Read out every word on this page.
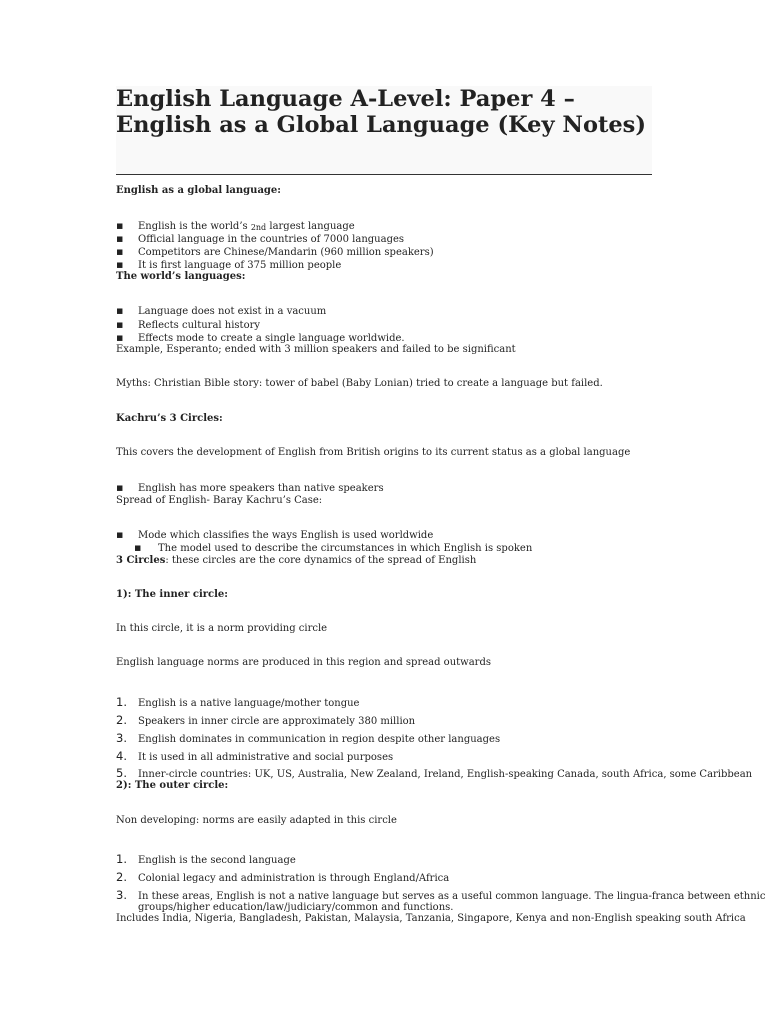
English Language A-Level: Paper 4 – English as a Global Language (Key Notes)
English as a global language:
▪English is the world’s $^{2nd}$ largest language
▪Official language in the countries of 7000 languages
▪Competitors are Chinese/Mandarin (960 million speakers)
▪It is first language of 375 million people
The world’s languages:
▪Language does not exist in a vacuum
▪Reflects cultural history
▪Effects mode to create a single language worldwide.
Example, Esperanto; ended with 3 million speakers and failed to be significant
Myths: Christian Bible story: tower of babel (Baby Lonian) tried to create a language but failed.
Kachru’s 3 Circles:
This covers the development of English from British origins to its current status as a global language
▪English has more speakers than native speakers
Spread of English- Baray Kachru’s Case:
▪Mode which classifies the ways English is used worldwide
▪The model used to describe the circumstances in which English is spoken
3 Circles: these circles are the core dynamics of the spread of English
1): The inner circle:
In this circle, it is a norm providing circle
English language norms are produced in this region and spread outwards
1. English is a native language/mother tongue
2. Speakers in inner circle are approximately 380 million
3. English dominates in communication in region despite other languages
4. It is used in all administrative and social purposes
5. Inner-circle countries: UK, US, Australia, New Zealand, Ireland, English-speaking Canada, south Africa, some Caribbean
2): The outer circle:
Non developing: norms are easily adapted in this circle
1. English is the second language
2. Colonial legacy and administration is through England/Africa
3. In these areas, English is not a native language but serves as a useful common language. The lingua-franca between ethnic
groups/higher education/law/judiciary/common and functions.
Includes India, Nigeria, Bangladesh, Pakistan, Malaysia, Tanzania, Singapore, Kenya and non-English speaking south Africa
